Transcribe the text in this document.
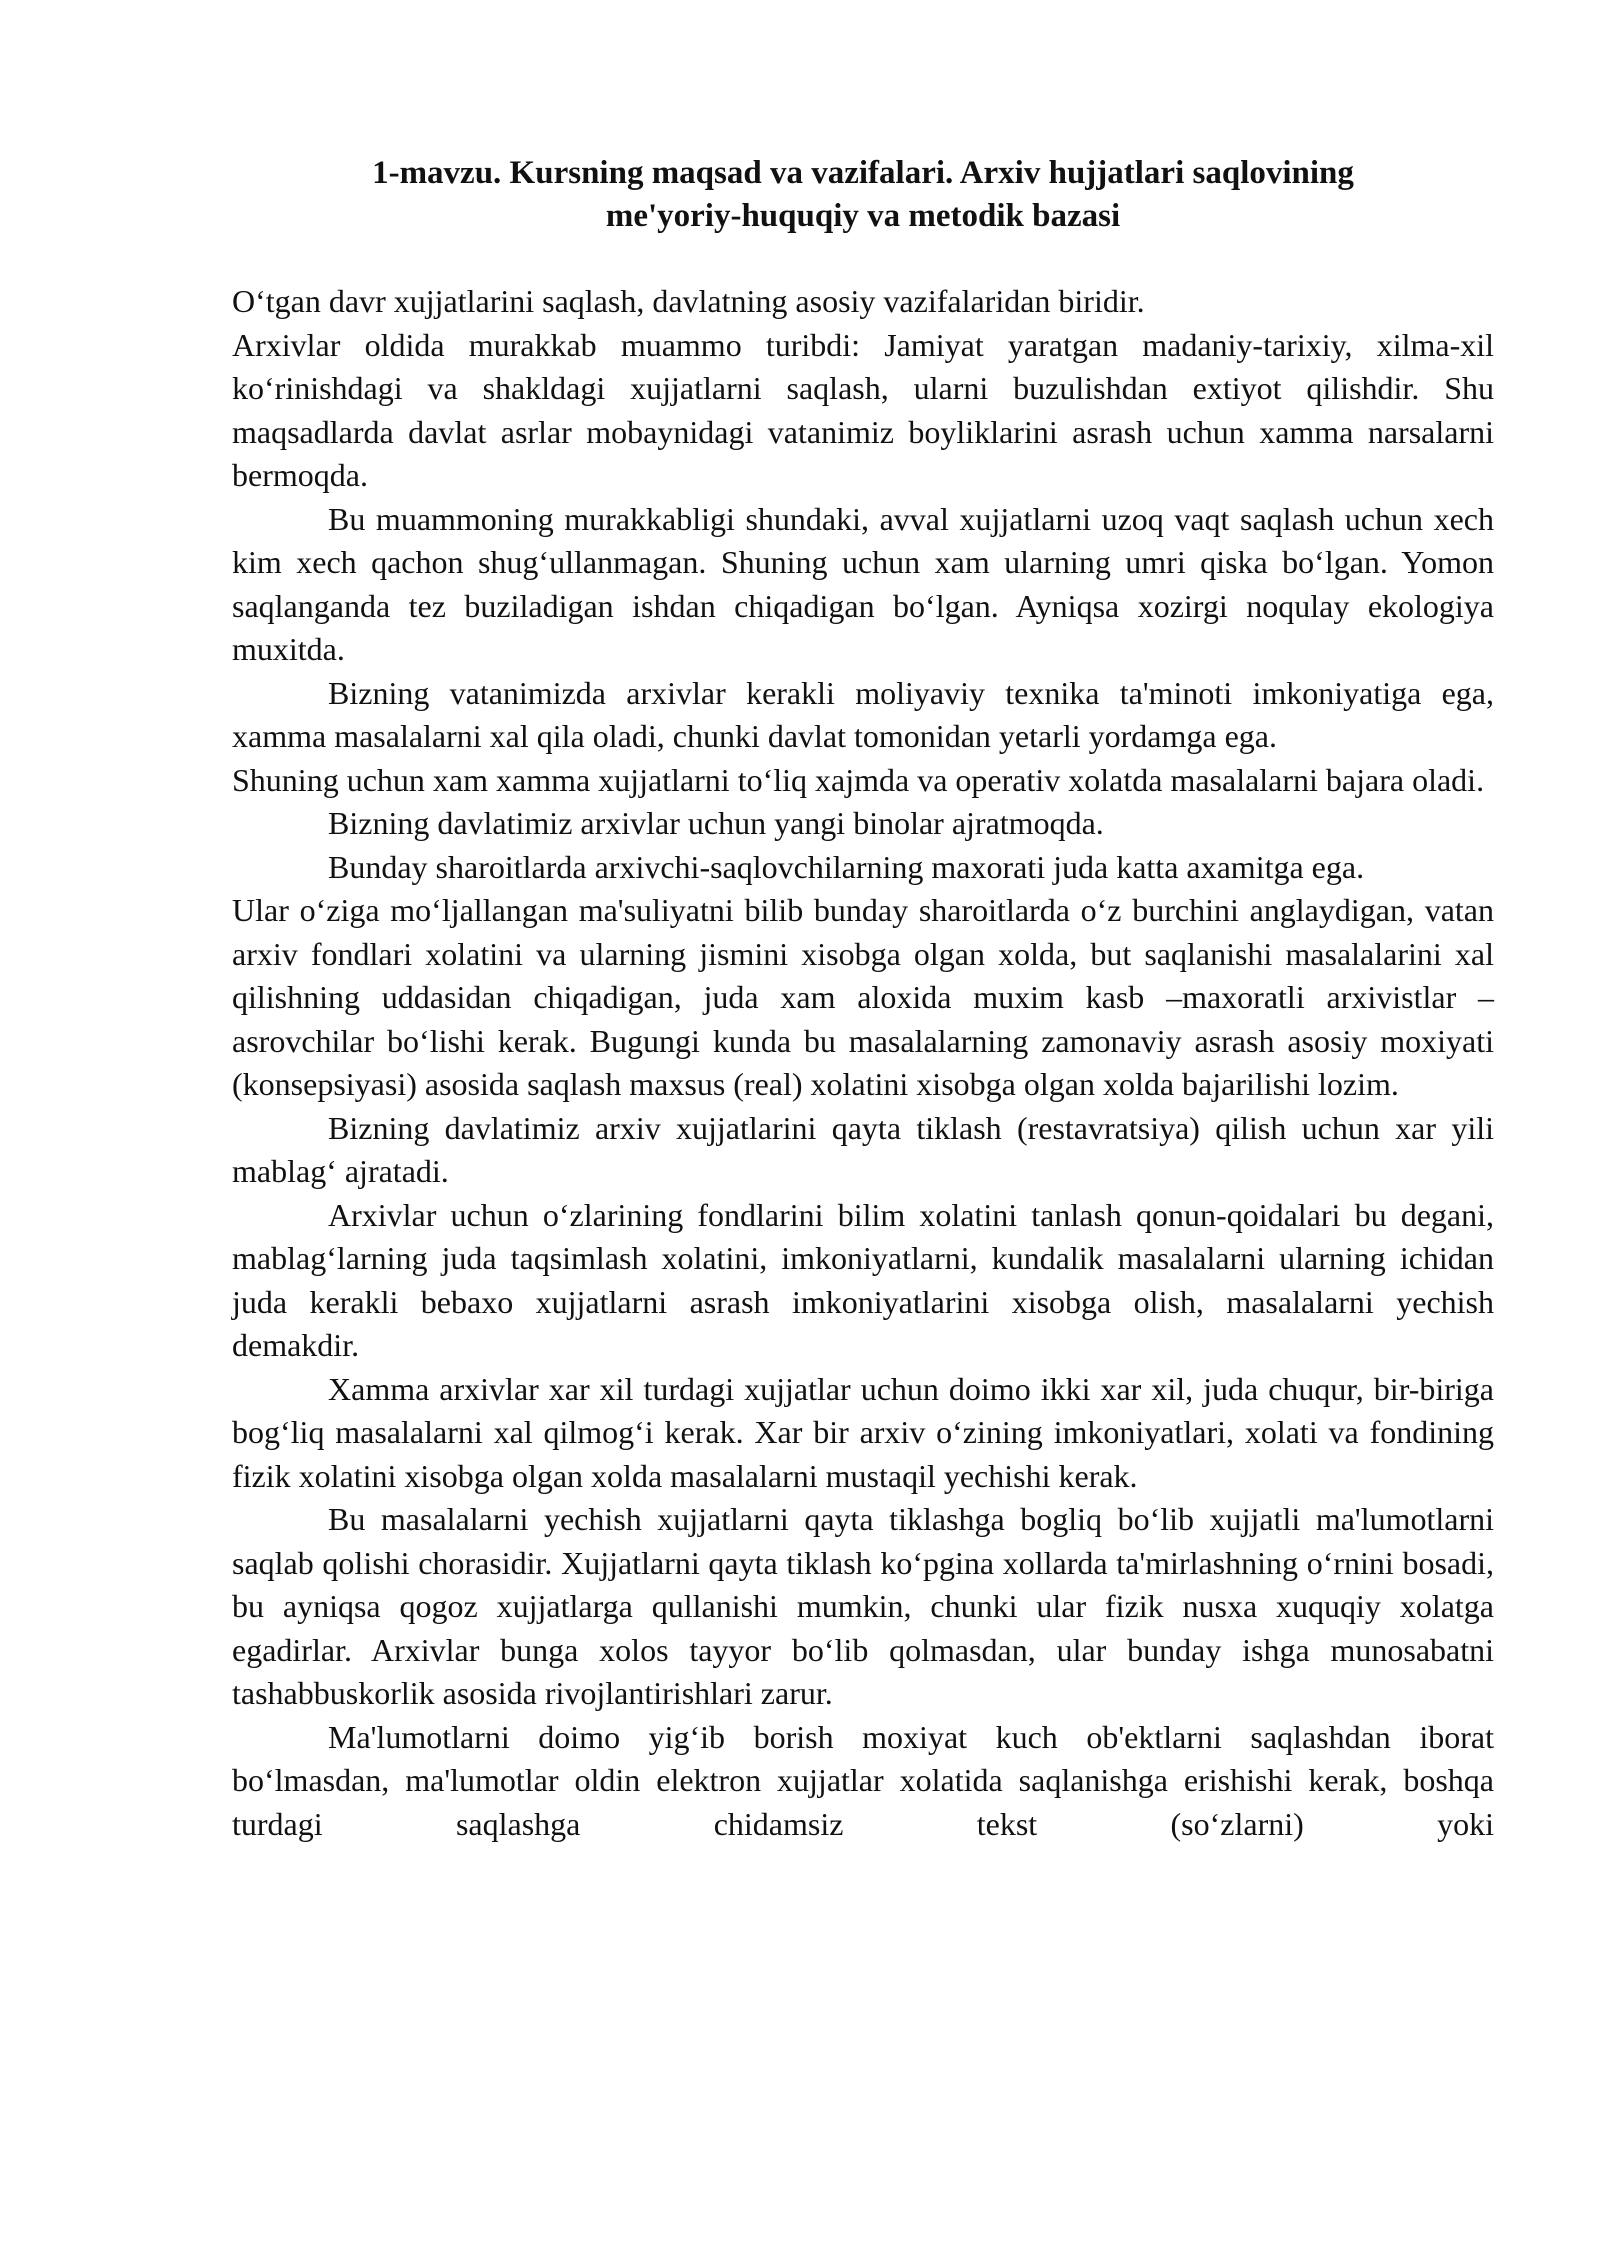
1-mavzu. Kursning maqsad va vazifalari. Arxiv hujjatlari saqlovining
me'yoriy-huquqiy va metodik bazasi

O‘tgan davr xujjatlarini saqlash, davlatning asosiy vazifalaridan biridir.

Arxivlar oldida murakkab muammo turibdi: Jamiyat yaratgan madaniy-tarixiy, xilma-xil ko‘rinishdagi va shakldagi xujjatlarni saqlash, ularni buzulishdan extiyot qilishdir. Shu maqsadlarda davlat asrlar mobaynidagi vatanimiz boyliklarini asrash uchun xamma narsalarni bermoqda.

Bu muammoning murakkabligi shundaki, avval xujjatlarni uzoq vaqt saqlash uchun xech kim xech qachon shug‘ullanmagan. Shuning uchun xam ularning umri qiska bo‘lgan. Yomon saqlanganda tez buziladigan ishdan chiqadigan bo‘lgan. Ayniqsa xozirgi noqulay ekologiya muxitda.

Bizning vatanimizda arxivlar kerakli moliyaviy texnika ta'minoti imkoniyatiga ega, xamma masalalarni xal qila oladi, chunki davlat tomonidan yetarli yordamga ega.

Shuning uchun xam xamma xujjatlarni to‘liq xajmda va operativ xolatda masalalarni bajara oladi.

Bizning davlatimiz arxivlar uchun yangi binolar ajratmoqda.

Bunday sharoitlarda arxivchi-saqlovchilarning maxorati juda katta axamitga ega.

Ular o‘ziga mo‘ljallangan ma'suliyatni bilib bunday sharoitlarda o‘z burchini anglaydigan, vatan arxiv fondlari xolatini va ularning jismini xisobga olgan xolda, but saqlanishi masalalarini xal qilishning uddasidan chiqadigan, juda xam aloxida muxim kasb –maxoratli arxivistlar –asrovchilar bo‘lishi kerak. Bugungi kunda bu masalalarning zamonaviy asrash asosiy moxiyati (konsepsiyasi) asosida saqlash maxsus (real) xolatini xisobga olgan xolda bajarilishi lozim.

Bizning davlatimiz arxiv xujjatlarini qayta tiklash (restavratsiya) qilish uchun xar yili mablag‘ ajratadi.

Arxivlar uchun o‘zlarining fondlarini bilim xolatini tanlash qonun-qoidalari bu degani, mablag‘larning juda taqsimlash xolatini, imkoniyatlarni, kundalik masalalarni ularning ichidan juda kerakli bebaxo xujjatlarni asrash imkoniyatlarini xisobga olish, masalalarni yechish demakdir.

Xamma arxivlar xar xil turdagi xujjatlar uchun doimo ikki xar xil, juda chuqur, bir-biriga bog‘liq masalalarni xal qilmog‘i kerak. Xar bir arxiv o‘zining imkoniyatlari, xolati va fondining fizik xolatini xisobga olgan xolda masalalarni mustaqil yechishi kerak.

Bu masalalarni yechish xujjatlarni qayta tiklashga bogliq bo‘lib xujjatli ma'lumotlarni saqlab qolishi chorasidir. Xujjatlarni qayta tiklash ko‘pgina xollarda ta'mirlashning o‘rnini bosadi, bu ayniqsa qogoz xujjatlarga qullanishi mumkin, chunki ular fizik nusxa xuquqiy xolatga egadirlar. Arxivlar bunga xolos tayyor bo‘lib qolmasdan, ular bunday ishga munosabatni tashabbuskorlik asosida rivojlantirishlari zarur.

Ma'lumotlarni doimo yig‘ib borish moxiyat kuch ob'ektlarni saqlashdan iborat bo‘lmasdan, ma'lumotlar oldin elektron xujjatlar xolatida saqlanishga erishishi kerak, boshqa turdagi saqlashga chidamsiz tekst (so‘zlarni) yoki
